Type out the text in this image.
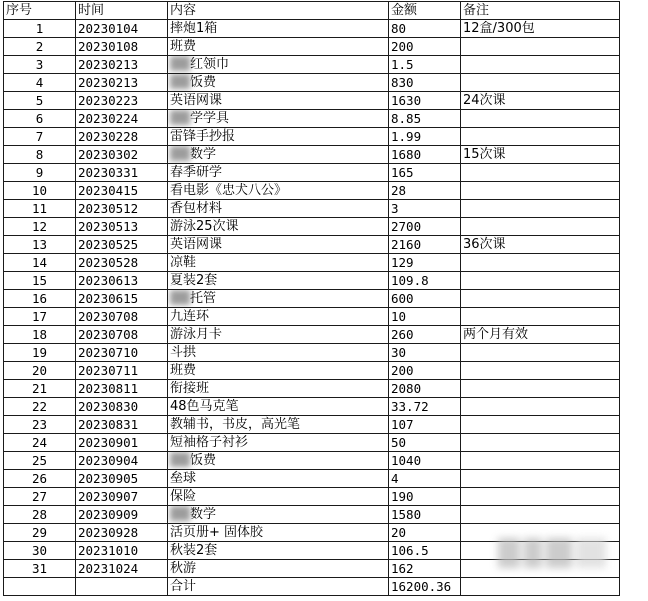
序号	时间	内容	金额	备注
1	20230104	摔炮1箱	80	12盒/300包
2	20230108	班费	200	
3	20230213	▓▓红领巾	1.5	
4	20230213	▓▓饭费	830	
5	20230223	英语网课	1630	24次课
6	20230224	▓▓学学具	8.85	
7	20230228	雷锋手抄报	1.99	
8	20230302	▓▓数学	1680	15次课
9	20230331	春季研学	165	
10	20230415	看电影《忠犬八公》	28	
11	20230512	香包材料	3	
12	20230513	游泳25次课	2700	
13	20230525	英语网课	2160	36次课
14	20230528	凉鞋	129	
15	20230613	夏装2套	109.8	
16	20230615	▓▓托管	600	
17	20230708	九连环	10	
18	20230708	游泳月卡	260	两个月有效
19	20230710	斗拱	30	
20	20230711	班费	200	
21	20230811	衔接班	2080	
22	20230830	48色马克笔	33.72	
23	20230831	教辅书，书皮，高光笔	107	
24	20230901	短袖格子衬衫	50	
25	20230904	▓▓饭费	1040	
26	20230905	垒球	4	
27	20230907	保险	190	
28	20230909	▓▓数学	1580	
29	20230928	活页册+ 固体胶	20	
30	20231010	秋装2套	106.5	
31	20231024	秋游	162	
		合计	16200.36	
